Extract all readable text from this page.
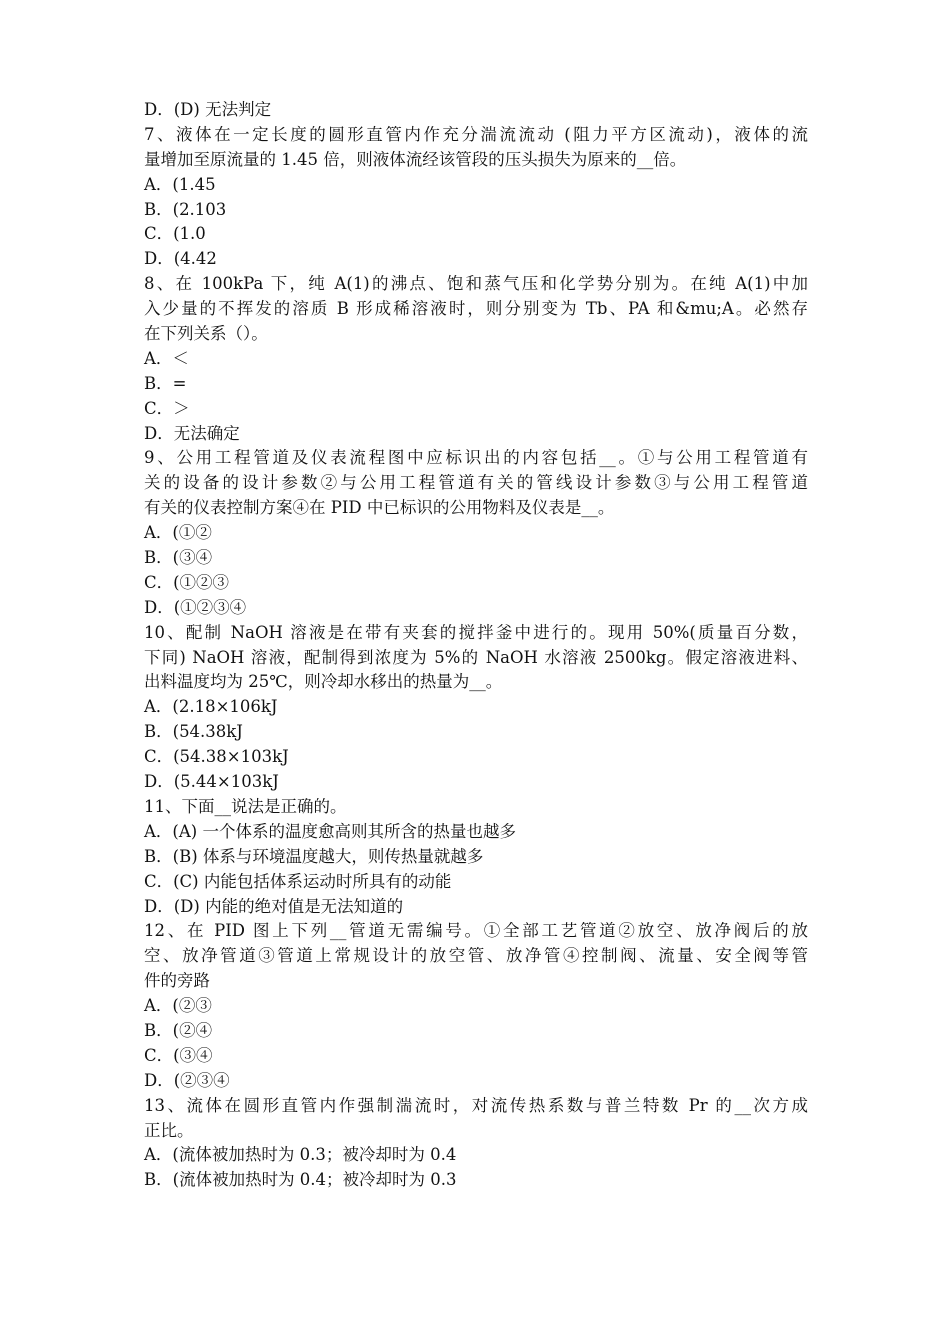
D．(D) 无法判定
7、液体在一定长度的圆形直管内作充分湍流流动 (阻力平方区流动)，液体的流
量增加至原流量的 1.45 倍，则液体流经该管段的压头损失为原来的__倍。
A．(1.45
B．(2.103
C．(1.0
D．(4.42
8、在 100kPa 下，纯 A(1)的沸点、饱和蒸气压和化学势分别为。在纯 A(1)中加
入少量的不挥发的溶质 B 形成稀溶液时，则分别变为 Tb、PA 和&mu;A。必然存
在下列关系（）。
A．＜
B．=
C．＞
D．无法确定
9、公用工程管道及仪表流程图中应标识出的内容包括__。①与公用工程管道有
关的设备的设计参数②与公用工程管道有关的管线设计参数③与公用工程管道
有关的仪表控制方案④在 PID 中已标识的公用物料及仪表是__。
A．(①②
B．(③④
C．(①②③
D．(①②③④
10、配制 NaOH 溶液是在带有夹套的搅拌釜中进行的。现用 50%(质量百分数，
下同) NaOH 溶液，配制得到浓度为 5%的 NaOH 水溶液 2500kg。假定溶液进料、
出料温度均为 25℃，则冷却水移出的热量为__。
A．(2.18×106kJ
B．(54.38kJ
C．(54.38×103kJ
D．(5.44×103kJ
11、下面__说法是正确的。
A．(A) 一个体系的温度愈高则其所含的热量也越多
B．(B) 体系与环境温度越大，则传热量就越多
C．(C) 内能包括体系运动时所具有的动能
D．(D) 内能的绝对值是无法知道的
12、在 PID 图上下列__管道无需编号。①全部工艺管道②放空、放净阀后的放
空、放净管道③管道上常规设计的放空管、放净管④控制阀、流量、安全阀等管
件的旁路
A．(②③
B．(②④
C．(③④
D．(②③④
13、流体在圆形直管内作强制湍流时，对流传热系数与普兰特数 Pr 的__次方成
正比。
A．(流体被加热时为 0.3；被冷却时为 0.4
B．(流体被加热时为 0.4；被冷却时为 0.3
